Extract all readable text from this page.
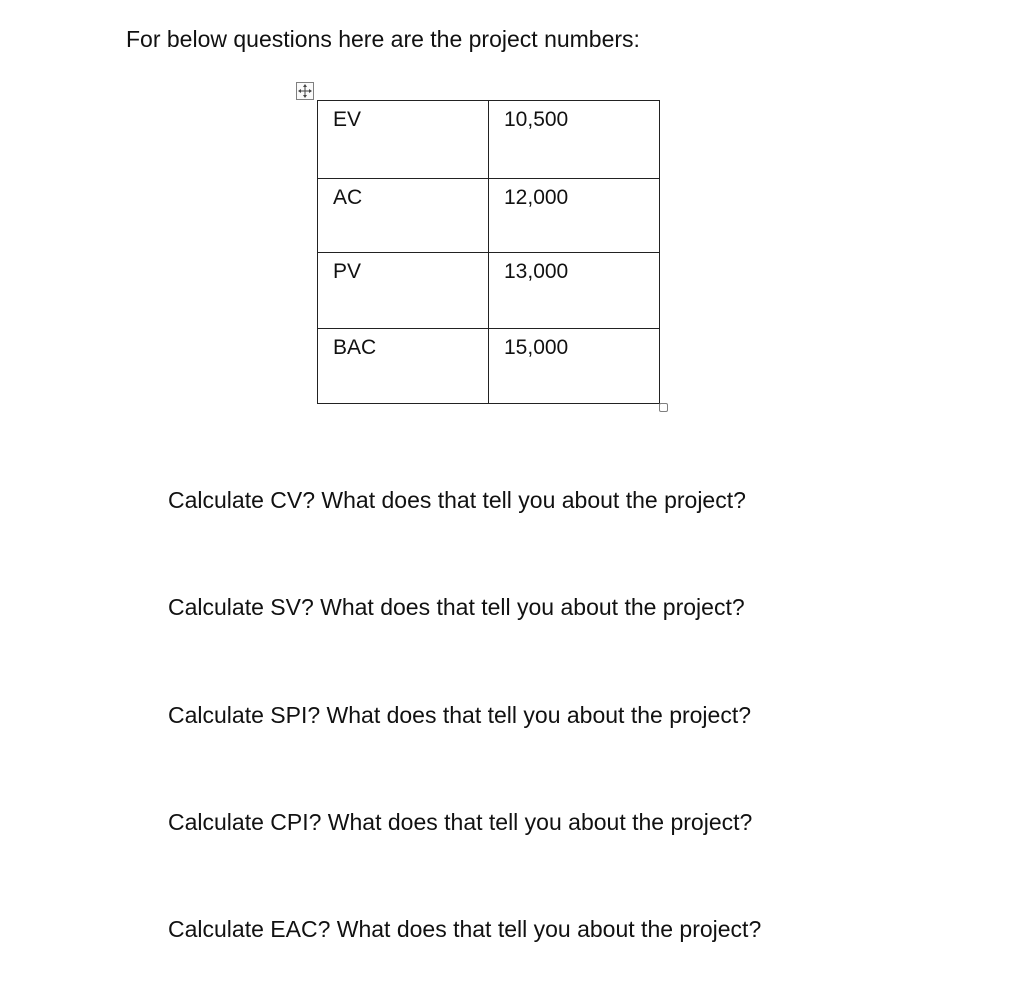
For below questions here are the project numbers:
EV	10,500
AC	12,000
PV	13,000
BAC	15,000
Calculate CV? What does that tell you about the project?
Calculate SV? What does that tell you about the project?
Calculate SPI? What does that tell you about the project?
Calculate CPI? What does that tell you about the project?
Calculate EAC? What does that tell you about the project?
